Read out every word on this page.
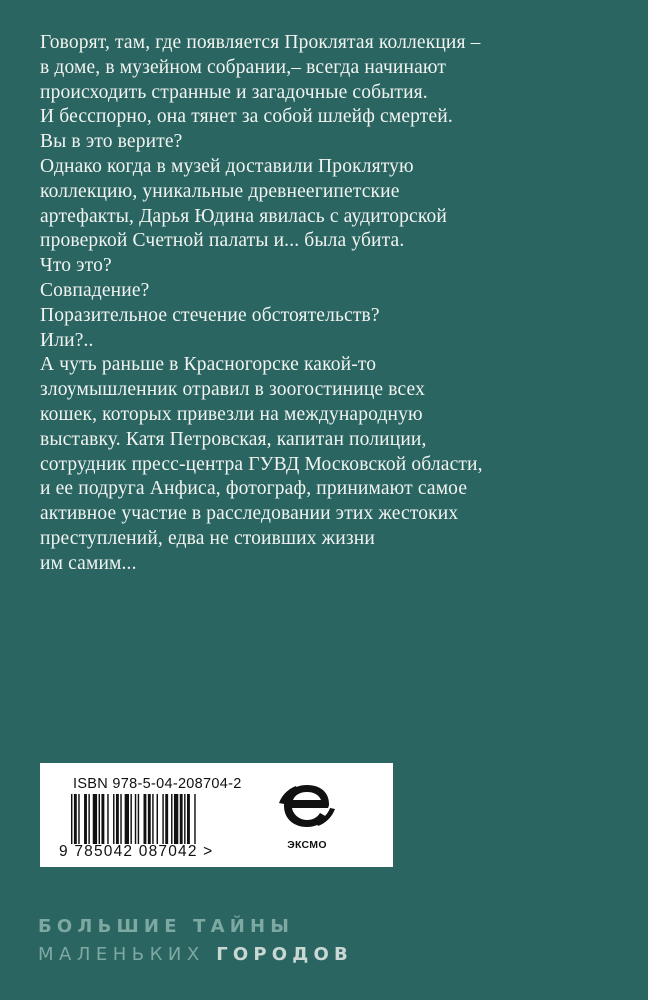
Говорят, там, где появляется Проклятая коллекция –
в доме, в музейном собрании,– всегда начинают
происходить странные и загадочные события.
И бесспорно, она тянет за собой шлейф смертей.
Вы в это верите?
Однако когда в музей доставили Проклятую
коллекцию, уникальные древнеегипетские
артефакты, Дарья Юдина явилась с аудиторской
проверкой Счетной палаты и... была убита.
Что это?
Совпадение?
Поразительное стечение обстоятельств?
Или?..
А чуть раньше в Красногорске какой-то
злоумышленник отравил в зоогостинице всех
кошек, которых привезли на международную
выставку. Катя Петровская, капитан полиции,
сотрудник пресс-центра ГУВД Московской области,
и ее подруга Анфиса, фотограф, принимают самое
активное участие в расследовании этих жестоких
преступлений, едва не стоивших жизни
им самим...
ISBN 978-5-04-208704-2
9 785042 087042 >	ЭКСМО
БОЛЬШИЕ ТАЙНЫ
МАЛЕНЬКИХ ГОРОДОВ
